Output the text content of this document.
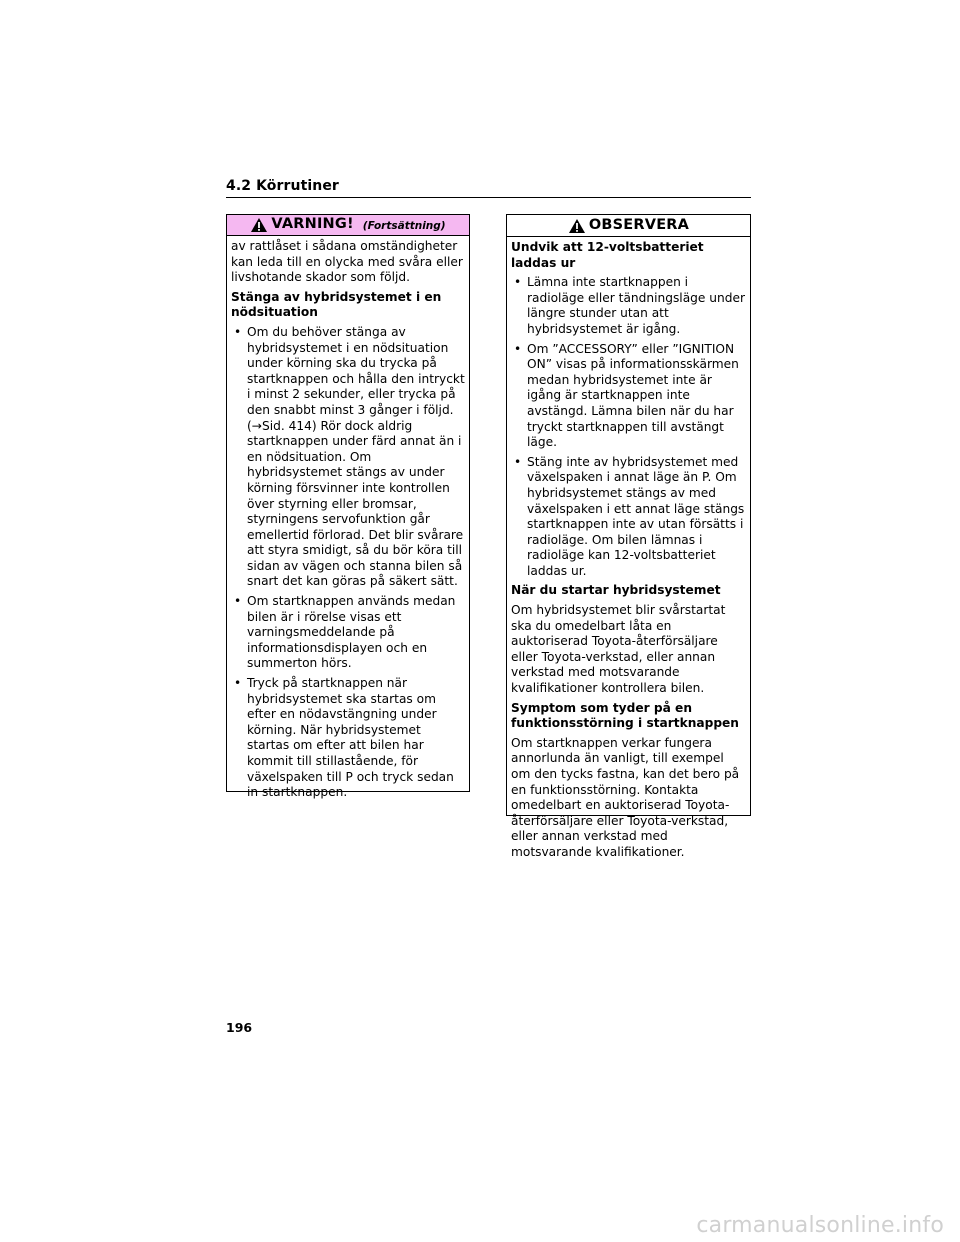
4.2 Körrutiner
VARNING! (Fortsättning)

av rattlåset i sådana omständigheter kan leda till en olycka med svåra eller livshotande skador som följd.

Stänga av hybridsystemet i en nödsituation

• Om du behöver stänga av hybridsystemet i en nödsituation under körning ska du trycka på startknappen och hålla den intryckt i minst 2 sekunder, eller trycka på den snabbt minst 3 gånger i följd. (→Sid. 414) Rör dock aldrig startknappen under färd annat än i en nödsituation. Om hybridsystemet stängs av under körning försvinner inte kontrollen över styrning eller bromsar, styrningens servofunktion går emellertid förlorad. Det blir svårare att styra smidigt, så du bör köra till sidan av vägen och stanna bilen så snart det kan göras på säkert sätt.
• Om startknappen används medan bilen är i rörelse visas ett varningsmeddelande på informationsdisplayen och en summerton hörs.
• Tryck på startknappen när hybridsystemet ska startas om efter en nödavstängning under körning. När hybridsystemet startas om efter att bilen har kommit till stillastående, för växelspaken till P och tryck sedan in startknappen.
OBSERVERA

Undvik att 12-voltsbatteriet laddas ur

• Lämna inte startknappen i radioläge eller tändningsläge under längre stunder utan att hybridsystemet är igång.
• Om ”ACCESSORY” eller ”IGNITION ON” visas på informationsskärmen medan hybridsystemet inte är igång är startknappen inte avstängd. Lämna bilen när du har tryckt startknappen till avstängt läge.
• Stäng inte av hybridsystemet med växelspaken i annat läge än P. Om hybridsystemet stängs av med växelspaken i ett annat läge stängs startknappen inte av utan försätts i radioläge. Om bilen lämnas i radioläge kan 12-voltsbatteriet laddas ur.

När du startar hybridsystemet

Om hybridsystemet blir svårstartat ska du omedelbart låta en auktoriserad Toyota-återförsäljare eller Toyota-verkstad, eller annan verkstad med motsvarande kvalifikationer kontrollera bilen.

Symptom som tyder på en funktionsstörning i startknappen

Om startknappen verkar fungera annorlunda än vanligt, till exempel om den tycks fastna, kan det bero på en funktionsstörning. Kontakta omedelbart en auktoriserad Toyota-återförsäljare eller Toyota-verkstad, eller annan verkstad med motsvarande kvalifikationer.

196
carmanualsonline.info
